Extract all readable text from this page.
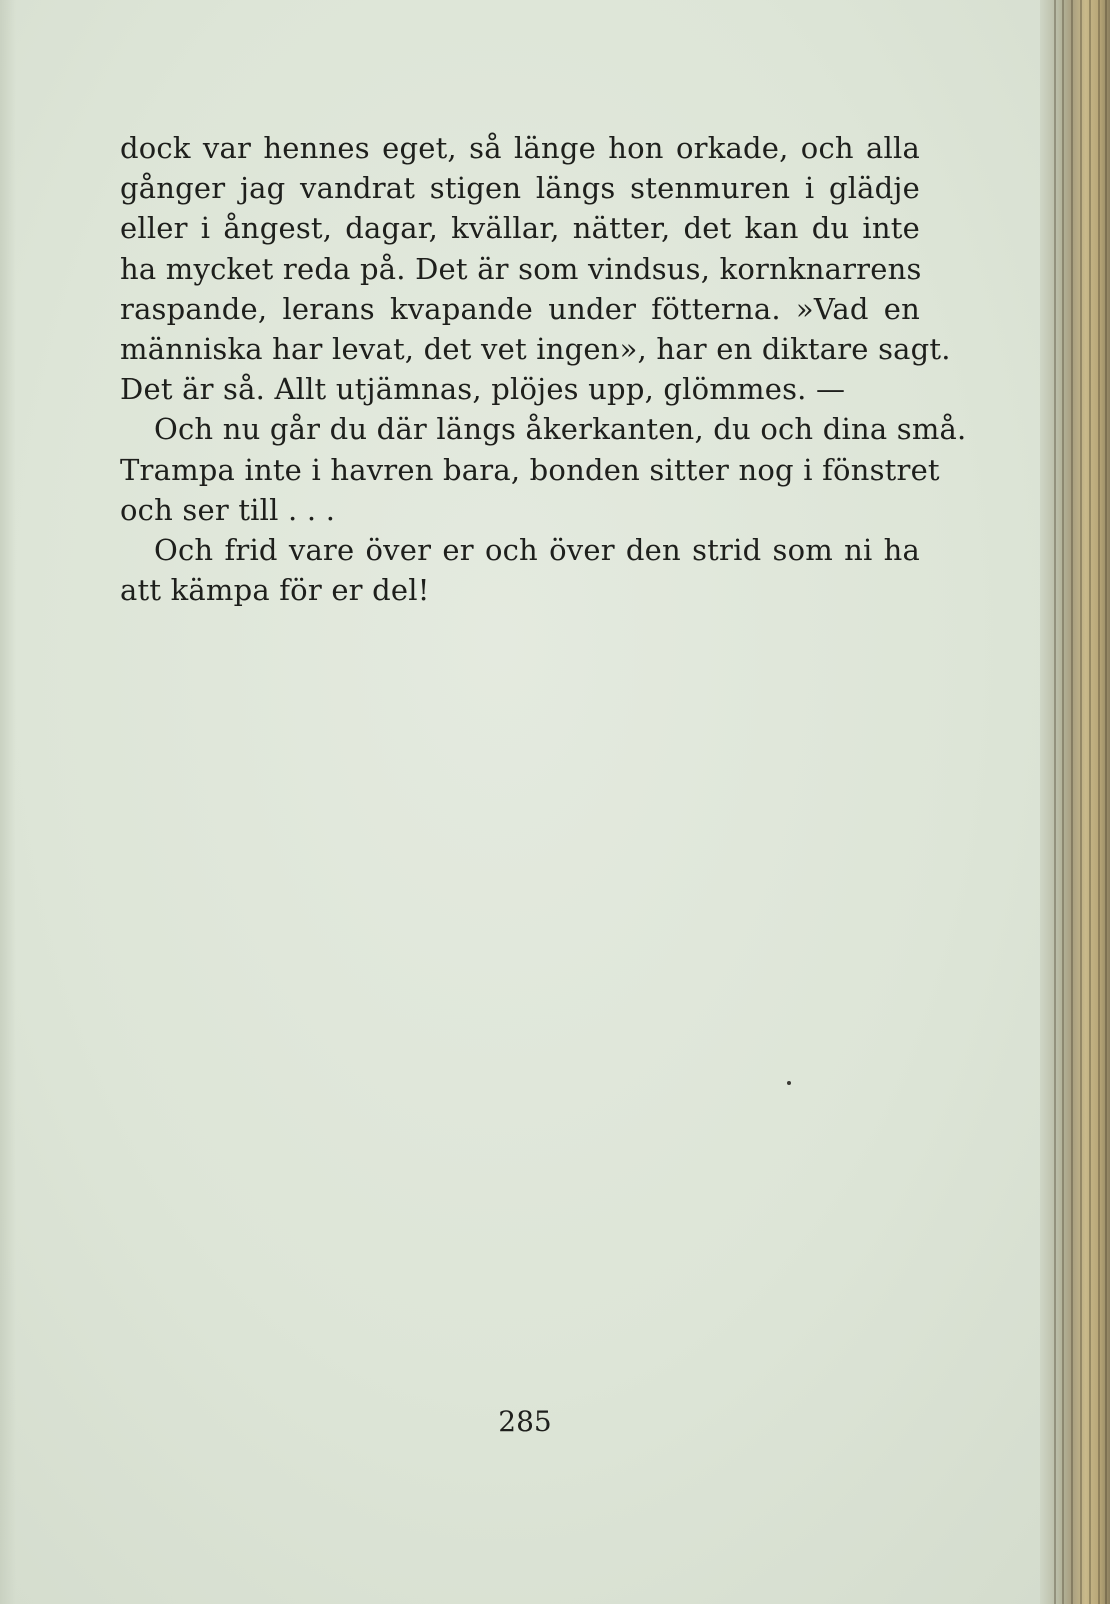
dock var hennes eget, så länge hon orkade, och alla
gånger jag vandrat stigen längs stenmuren i glädje
eller i ångest, dagar, kvällar, nätter, det kan du inte
ha mycket reda på. Det är som vindsus, kornknarrens
raspande, lerans kvapande under fötterna. »Vad en
människa har levat, det vet ingen», har en diktare sagt.
Det är så. Allt utjämnas, plöjes upp, glömmes. —

Och nu går du där längs åkerkanten, du och dina små.
Trampa inte i havren bara, bonden sitter nog i fönstret
och ser till . . .

Och frid vare över er och över den strid som ni ha
att kämpa för er del!

285
